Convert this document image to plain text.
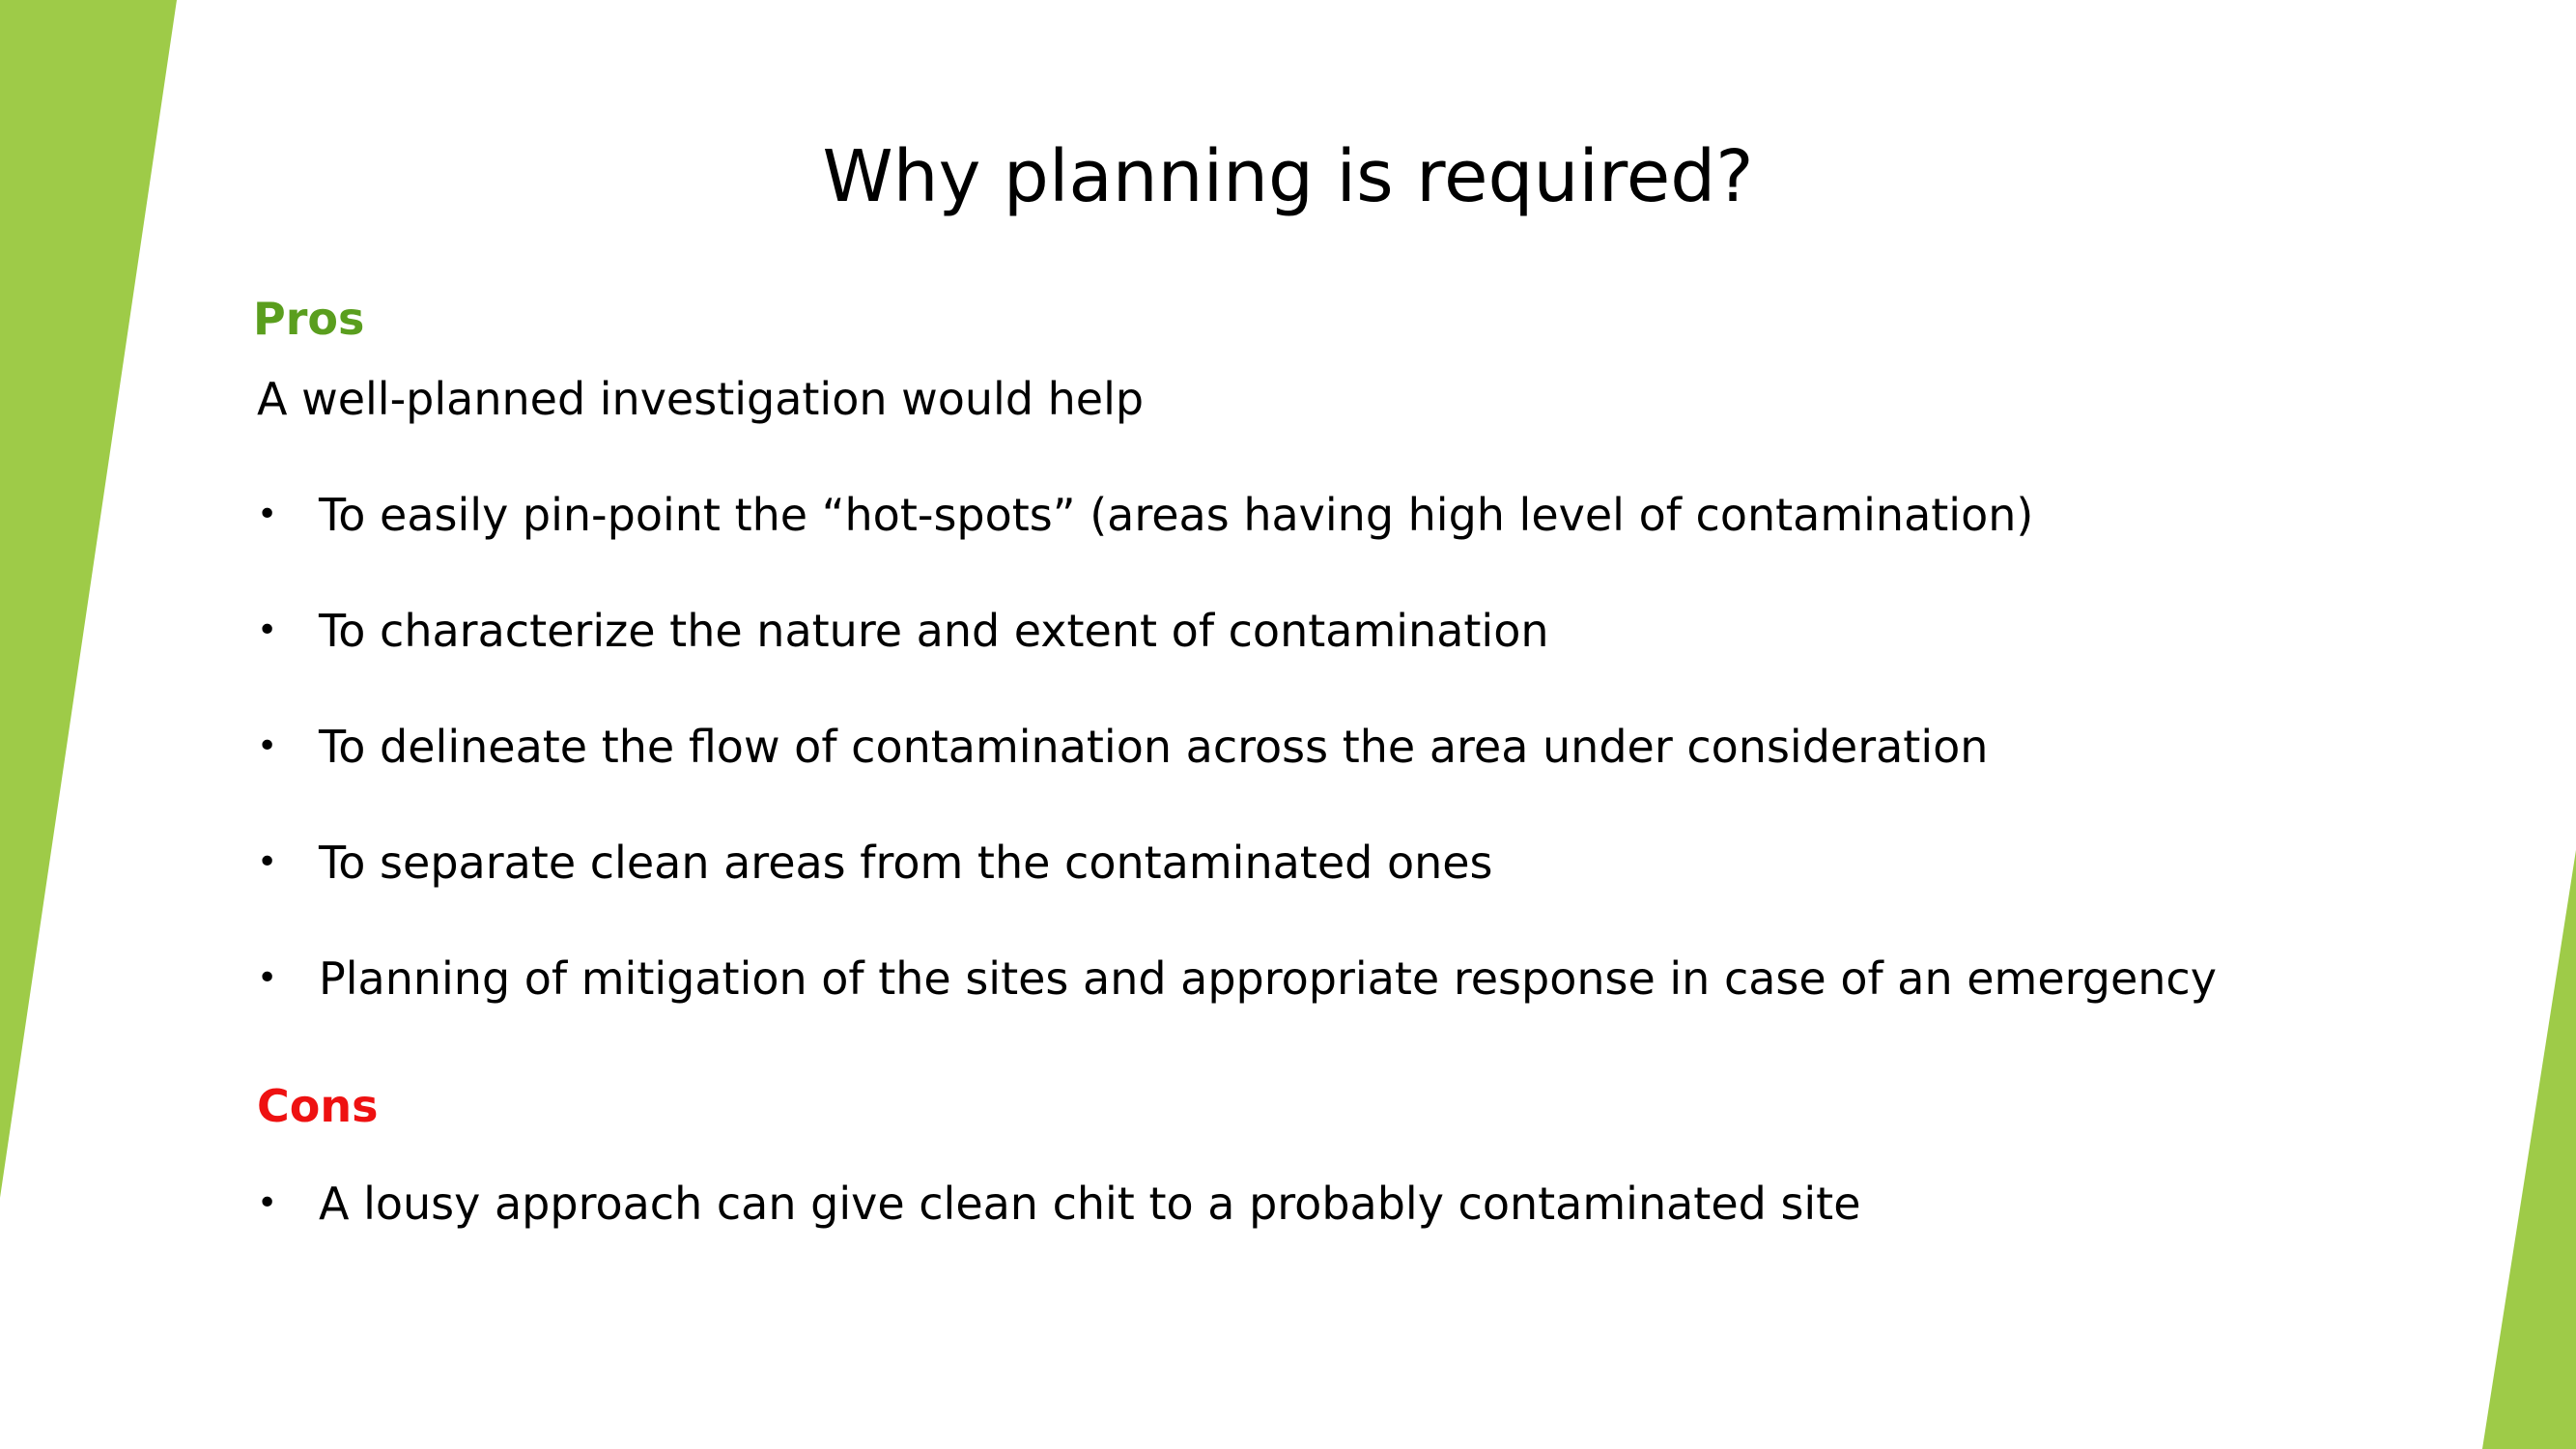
Why planning is required?
Pros
A well-planned investigation would help
• To easily pin-point the “hot-spots” (areas having high level of contamination)
• To characterize the nature and extent of contamination
• To delineate the flow of contamination across the area under consideration
• To separate clean areas from the contaminated ones
• Planning of mitigation of the sites and appropriate response in case of an emergency
Cons
• A lousy approach can give clean chit to a probably contaminated site
